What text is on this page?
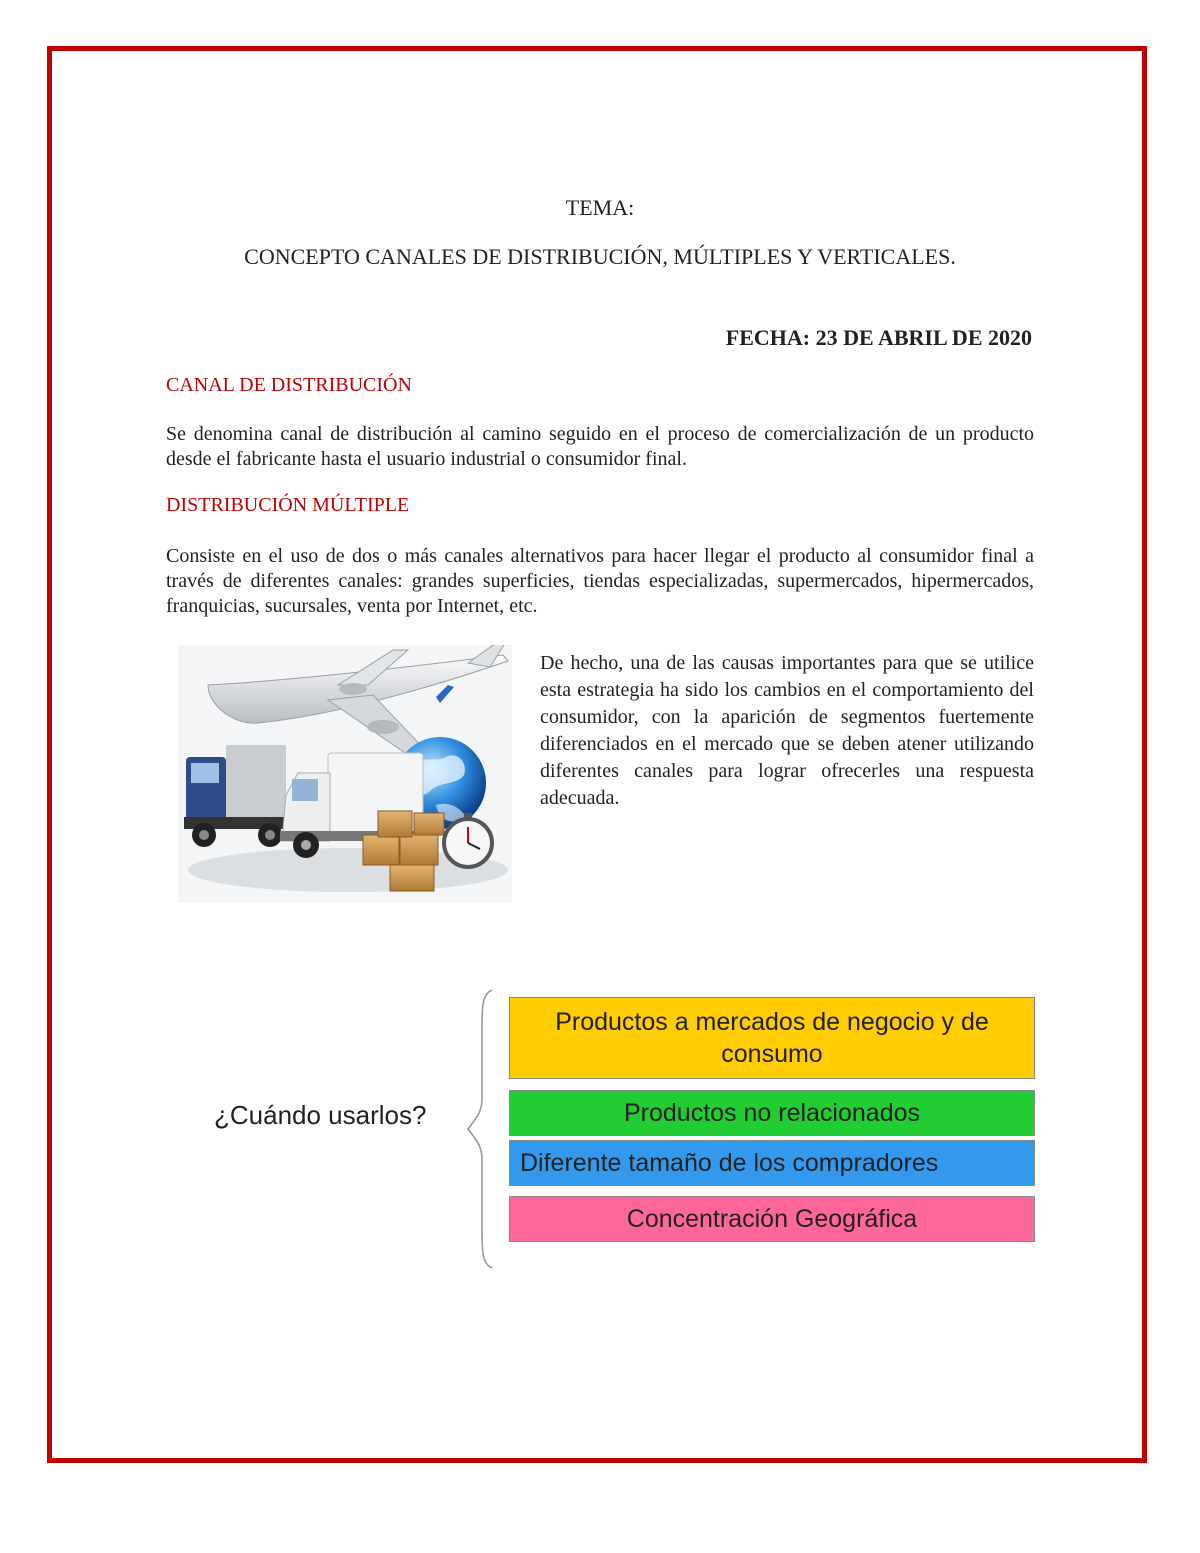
TEMA:
CONCEPTO CANALES DE DISTRIBUCIÓN, MÚLTIPLES Y VERTICALES.
FECHA: 23 DE ABRIL DE 2020
CANAL DE DISTRIBUCIÓN
Se denomina canal de distribución al camino seguido en el proceso de comercialización de un producto desde el fabricante hasta el usuario industrial o consumidor final.
DISTRIBUCIÓN MÚLTIPLE
Consiste en el uso de dos o más canales alternativos para hacer llegar el producto al consumidor final a través de diferentes canales: grandes superficies, tiendas especializadas, supermercados, hipermercados, franquicias, sucursales, venta por Internet, etc.
De hecho, una de las causas importantes para que se utilice esta estrategia ha sido los cambios en el comportamiento del consumidor, con la aparición de segmentos fuertemente diferenciados en el mercado que se deben atener utilizando diferentes canales para lograr ofrecerles una respuesta adecuada.
¿Cuándo usarlos?
Productos a mercados de negocio y de consumo
Productos no relacionados
Diferente tamaño de los compradores
Concentración Geográfica
